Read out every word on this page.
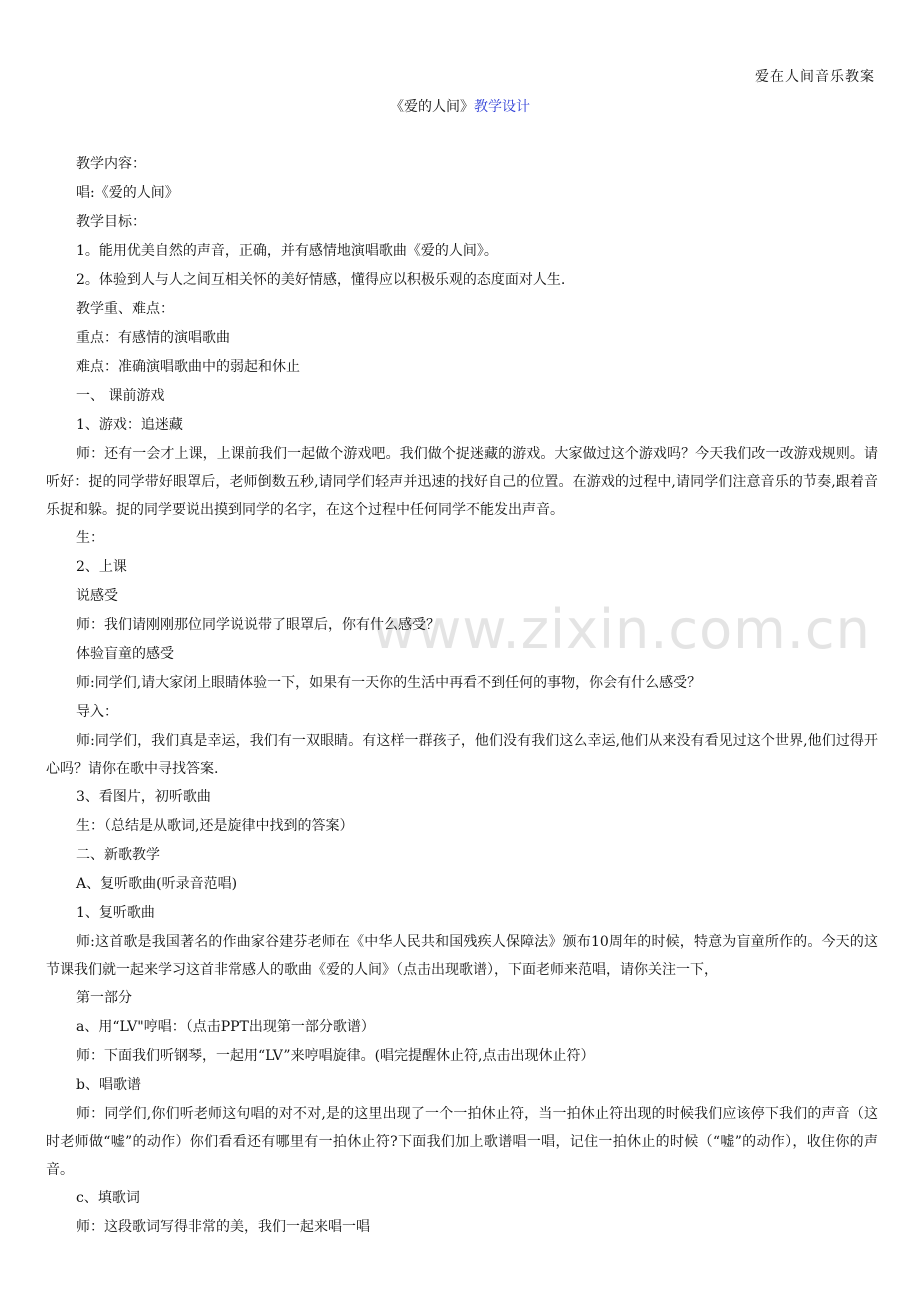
爱在人间音乐教案
《爱的人间》教学设计
www.zixin.com.cn

教学内容：

唱:《爱的人间》

教学目标：

1。能用优美自然的声音，正确，并有感情地演唱歌曲《爱的人间》。

2。体验到人与人之间互相关怀的美好情感，懂得应以积极乐观的态度面对人生.

教学重、难点：

重点：有感情的演唱歌曲

难点：准确演唱歌曲中的弱起和休止

一、 课前游戏

1、游戏：追迷藏

师：还有一会才上课，上课前我们一起做个游戏吧。我们做个捉迷藏的游戏。大家做过这个游戏吗？今天我们改一改游戏规则。请听好：捉的同学带好眼罩后，老师倒数五秒,请同学们轻声并迅速的找好自己的位置。在游戏的过程中,请同学们注意音乐的节奏,跟着音乐捉和躲。捉的同学要说出摸到同学的名字，在这个过程中任何同学不能发出声音。

生：

2、上课

说感受

师：我们请刚刚那位同学说说带了眼罩后，你有什么感受？

体验盲童的感受

师:同学们,请大家闭上眼睛体验一下，如果有一天你的生活中再看不到任何的事物，你会有什么感受？

导入：

师:同学们，我们真是幸运，我们有一双眼睛。有这样一群孩子，他们没有我们这么幸运,他们从来没有看见过这个世界,他们过得开心吗？请你在歌中寻找答案.

3、看图片，初听歌曲

生：（总结是从歌词,还是旋律中找到的答案）

二、新歌教学

A、复听歌曲(听录音范唱)

1、复听歌曲

师:这首歌是我国著名的作曲家谷建芬老师在《中华人民共和国残疾人保障法》颁布10周年的时候，特意为盲童所作的。今天的这节课我们就一起来学习这首非常感人的歌曲《爱的人间》（点击出现歌谱），下面老师来范唱，请你关注一下，

第一部分

a、用“LV"哼唱：（点击PPT出现第一部分歌谱）

师：下面我们听钢琴，一起用“LV”来哼唱旋律。(唱完提醒休止符,点击出现休止符）

b、唱歌谱

师：同学们,你们听老师这句唱的对不对,是的这里出现了一个一拍休止符，当一拍休止符出现的时候我们应该停下我们的声音（这时老师做“嘘”的动作）你们看看还有哪里有一拍休止符?下面我们加上歌谱唱一唱，记住一拍休止的时候（“嘘”的动作），收住你的声音。

c、填歌词

师：这段歌词写得非常的美，我们一起来唱一唱
